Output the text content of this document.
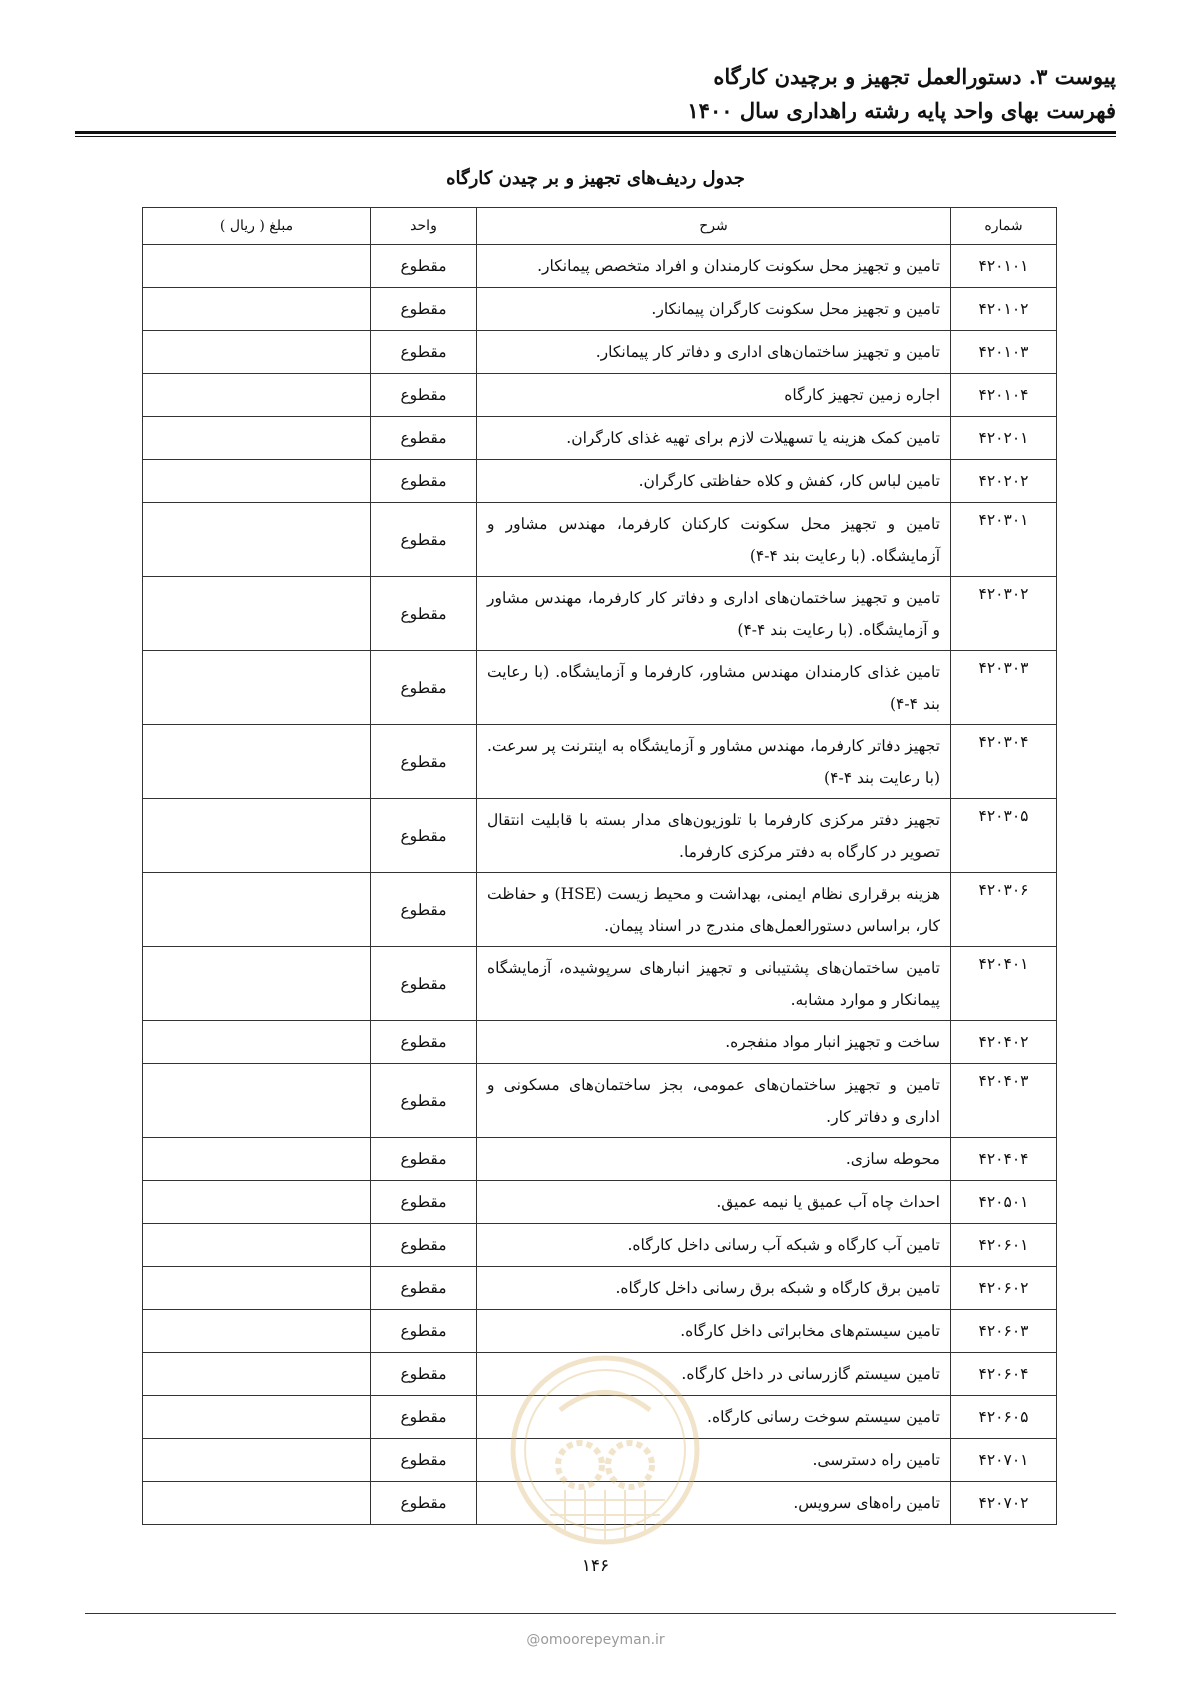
پیوست ۳. دستورالعمل تجهیز و برچیدن کارگاه
فهرست بهای واحد پایه رشته راهداری سال ۱۴۰۰
جدول ردیف‌های تجهیز و بر چیدن کارگاه
شماره	شرح	واحد	مبلغ ( ریال )
۴۲۰۱۰۱	تامین و تجهیز محل سکونت کارمندان و افراد متخصص پیمانکار.	مقطوع	
۴۲۰۱۰۲	تامین و تجهیز محل سکونت کارگران پیمانکار.	مقطوع	
۴۲۰۱۰۳	تامین و تجهیز ساختمان‌های اداری و دفاتر کار پیمانکار.	مقطوع	
۴۲۰۱۰۴	اجاره زمین تجهیز کارگاه	مقطوع	
۴۲۰۲۰۱	تامین کمک هزینه یا تسهیلات لازم برای تهیه غذای کارگران.	مقطوع	
۴۲۰۲۰۲	تامین لباس کار، کفش و کلاه حفاظتی کارگران.	مقطوع	
۴۲۰۳۰۱	تامین و تجهیز محل سکونت کارکنان کارفرما، مهندس مشاور و آزمایشگاه. (با رعایت بند ۴-۴)	مقطوع	
۴۲۰۳۰۲	تامین و تجهیز ساختمان‌های اداری و دفاتر کار کارفرما، مهندس مشاور و آزمایشگاه. (با رعایت بند ۴-۴)	مقطوع	
۴۲۰۳۰۳	تامین غذای کارمندان مهندس مشاور، کارفرما و آزمایشگاه. (با رعایت بند ۴-۴)	مقطوع	
۴۲۰۳۰۴	تجهیز دفاتر کارفرما، مهندس مشاور و آزمایشگاه به اینترنت پر سرعت. (با رعایت بند ۴-۴)	مقطوع	
۴۲۰۳۰۵	تجهیز دفتر مرکزی کارفرما با تلوزیون‌های مدار بسته با قابلیت انتقال تصویر در کارگاه به دفتر مرکزی کارفرما.	مقطوع	
۴۲۰۳۰۶	هزینه برقراری نظام ایمنی، بهداشت و محیط زیست (HSE) و حفاظت کار، براساس دستورالعمل‌های مندرج در اسناد پیمان.	مقطوع	
۴۲۰۴۰۱	تامین ساختمان‌های پشتیبانی و تجهیز انبارهای سرپوشیده، آزمایشگاه پیمانکار و موارد مشابه.	مقطوع	
۴۲۰۴۰۲	ساخت و تجهیز انبار مواد منفجره.	مقطوع	
۴۲۰۴۰۳	تامین و تجهیز ساختمان‌های عمومی، بجز ساختمان‌های مسکونی و اداری و دفاتر کار.	مقطوع	
۴۲۰۴۰۴	محوطه سازی.	مقطوع	
۴۲۰۵۰۱	احداث چاه آب عمیق یا نیمه عمیق.	مقطوع	
۴۲۰۶۰۱	تامین آب کارگاه و شبکه آب رسانی داخل کارگاه.	مقطوع	
۴۲۰۶۰۲	تامین برق کارگاه و شبکه برق رسانی داخل کارگاه.	مقطوع	
۴۲۰۶۰۳	تامین سیستم‌های مخابراتی داخل کارگاه.	مقطوع	
۴۲۰۶۰۴	تامین سیستم گازرسانی در داخل کارگاه.	مقطوع	
۴۲۰۶۰۵	تامین سیستم سوخت رسانی کارگاه.	مقطوع	
۴۲۰۷۰۱	تامین راه دسترسی.	مقطوع	
۴۲۰۷۰۲	تامین راه‌های سرویس.	مقطوع	
۱۴۶
@omoorepeyman.ir
